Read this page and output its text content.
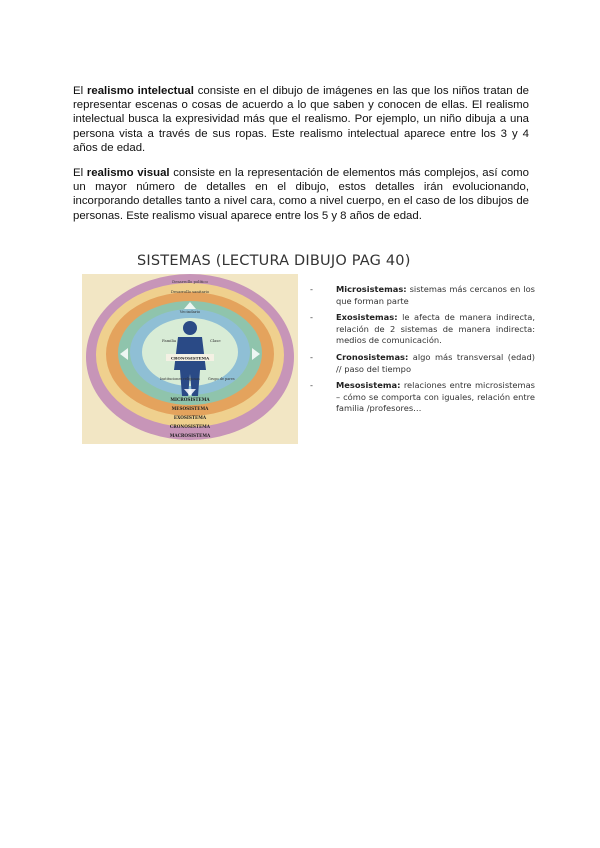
El realismo intelectual consiste en el dibujo de imágenes en las que los niños tratan de representar escenas o cosas de acuerdo a lo que saben y conocen de ellas. El realismo intelectual busca la expresividad más que el realismo. Por ejemplo, un niño dibuja a una persona vista a través de sus ropas. Este realismo intelectual aparece entre los 3 y 4 años de edad.
El realismo visual consiste en la representación de elementos más complejos, así como un mayor número de detalles en el dibujo, estos detalles irán evolucionando, incorporando detalles tanto a nivel cara, como a nivel cuerpo, en el caso de los dibujos de personas. Este realismo visual aparece entre los 5 y 8 años de edad.
SISTEMAS (LECTURA DIBUJO PAG 40)
Familia	Clase
Instituciones religiosas Grupo de pares
CRONOSISTEMA
Desarrollo político
Desarrollo sanitario
Vecindario
MICROSISTEMA
MESOSISTEMA
EXOSISTEMA
CRONOSISTEMA
MACROSISTEMA
-	Microsistemas: sistemas más cercanos en los que forman parte
-	Exosistemas: le afecta de manera indirecta, relación de 2 sistemas de manera indirecta: medios de comunicación.
-	Cronosistemas: algo más transversal (edad) // paso del tiempo
-	Mesosistema: relaciones entre microsistemas – cómo se comporta con iguales, relación entre familia /profesores…
